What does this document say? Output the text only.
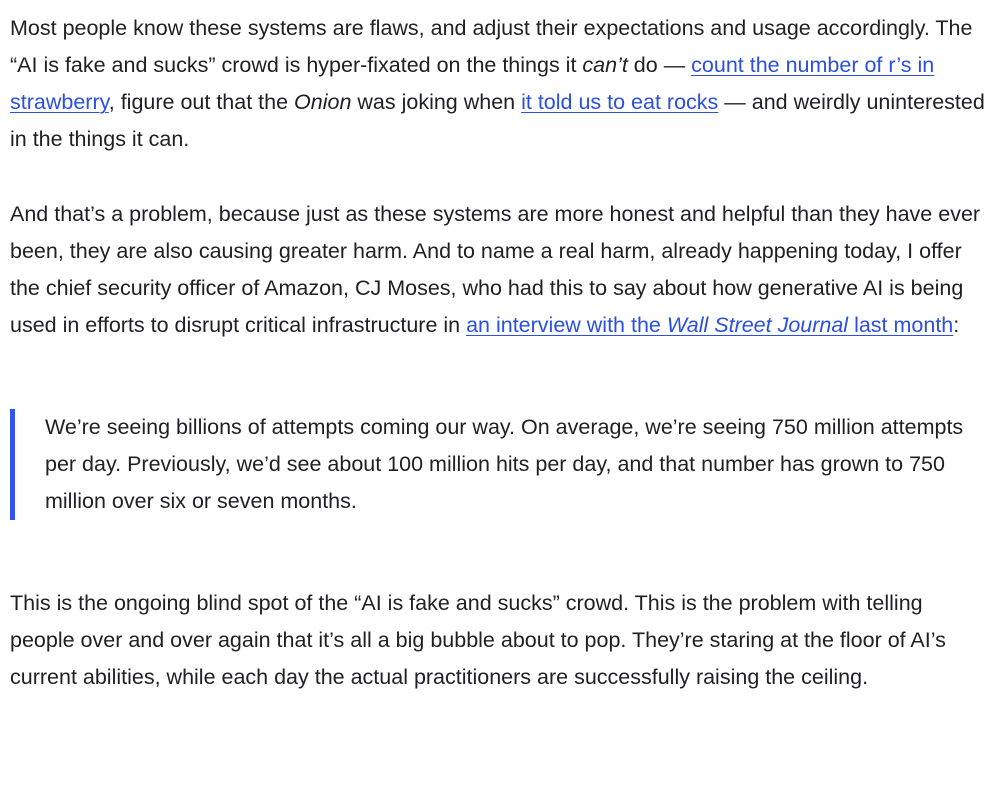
Most people know these systems are flaws, and adjust their expectations and usage accordingly. The “AI is fake and sucks” crowd is hyper-fixated on the things it can’t do — count the number of r’s in strawberry, figure out that the Onion was joking when it told us to eat rocks — and weirdly uninterested in the things it can.

And that’s a problem, because just as these systems are more honest and helpful than they have ever been, they are also causing greater harm. And to name a real harm, already happening today, I offer the chief security officer of Amazon, CJ Moses, who had this to say about how generative AI is being used in efforts to disrupt critical infrastructure in an interview with the Wall Street Journal last month:

We’re seeing billions of attempts coming our way. On average, we’re seeing 750 million attempts per day. Previously, we’d see about 100 million hits per day, and that number has grown to 750 million over six or seven months.

This is the ongoing blind spot of the “AI is fake and sucks” crowd. This is the problem with telling people over and over again that it’s all a big bubble about to pop. They’re staring at the floor of AI’s current abilities, while each day the actual practitioners are successfully raising the ceiling.
